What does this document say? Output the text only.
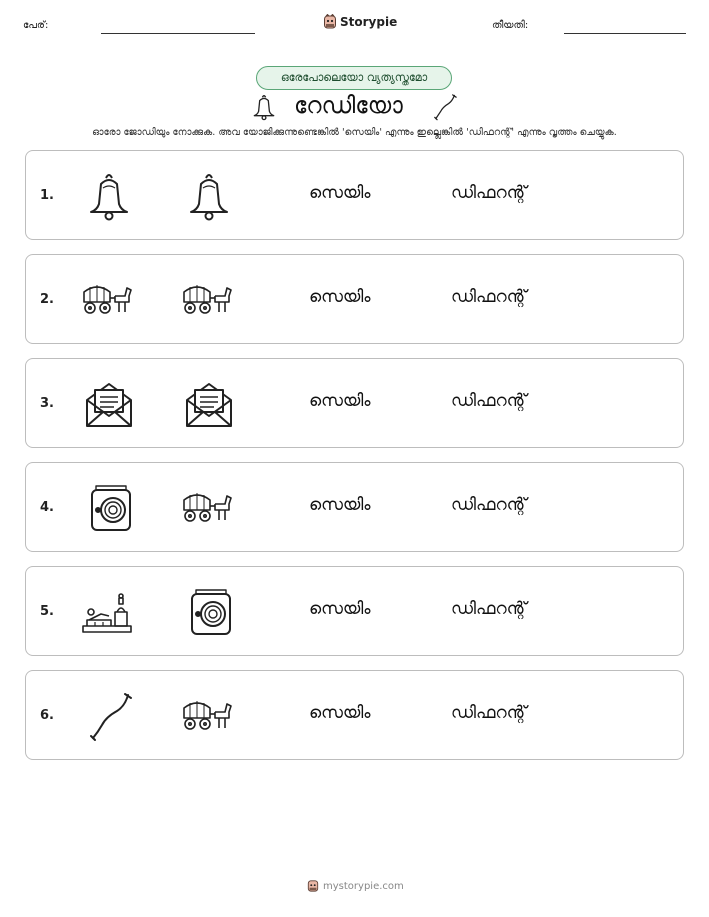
പേര്:	Storypie	തീയതി:
ഒരേപോലെയോ വ്യത്യസ്തമോ
റേഡിയോ
ഓരോ ജോഡിയും നോക്കുക. അവ യോജിക്കുന്നുണ്ടെങ്കിൽ 'സെയിം' എന്നും ഇല്ലെങ്കിൽ 'ഡിഫറന്റ്' എന്നും വൃത്തം ചെയ്യുക.
1.	സെയിം	ഡിഫറന്റ്
2.	സെയിം	ഡിഫറന്റ്
3.	സെയിം	ഡിഫറന്റ്
4.	സെയിം	ഡിഫറന്റ്
5.	സെയിം	ഡിഫറന്റ്
6.	സെയിം	ഡിഫറന്റ്
mystorypie.com
